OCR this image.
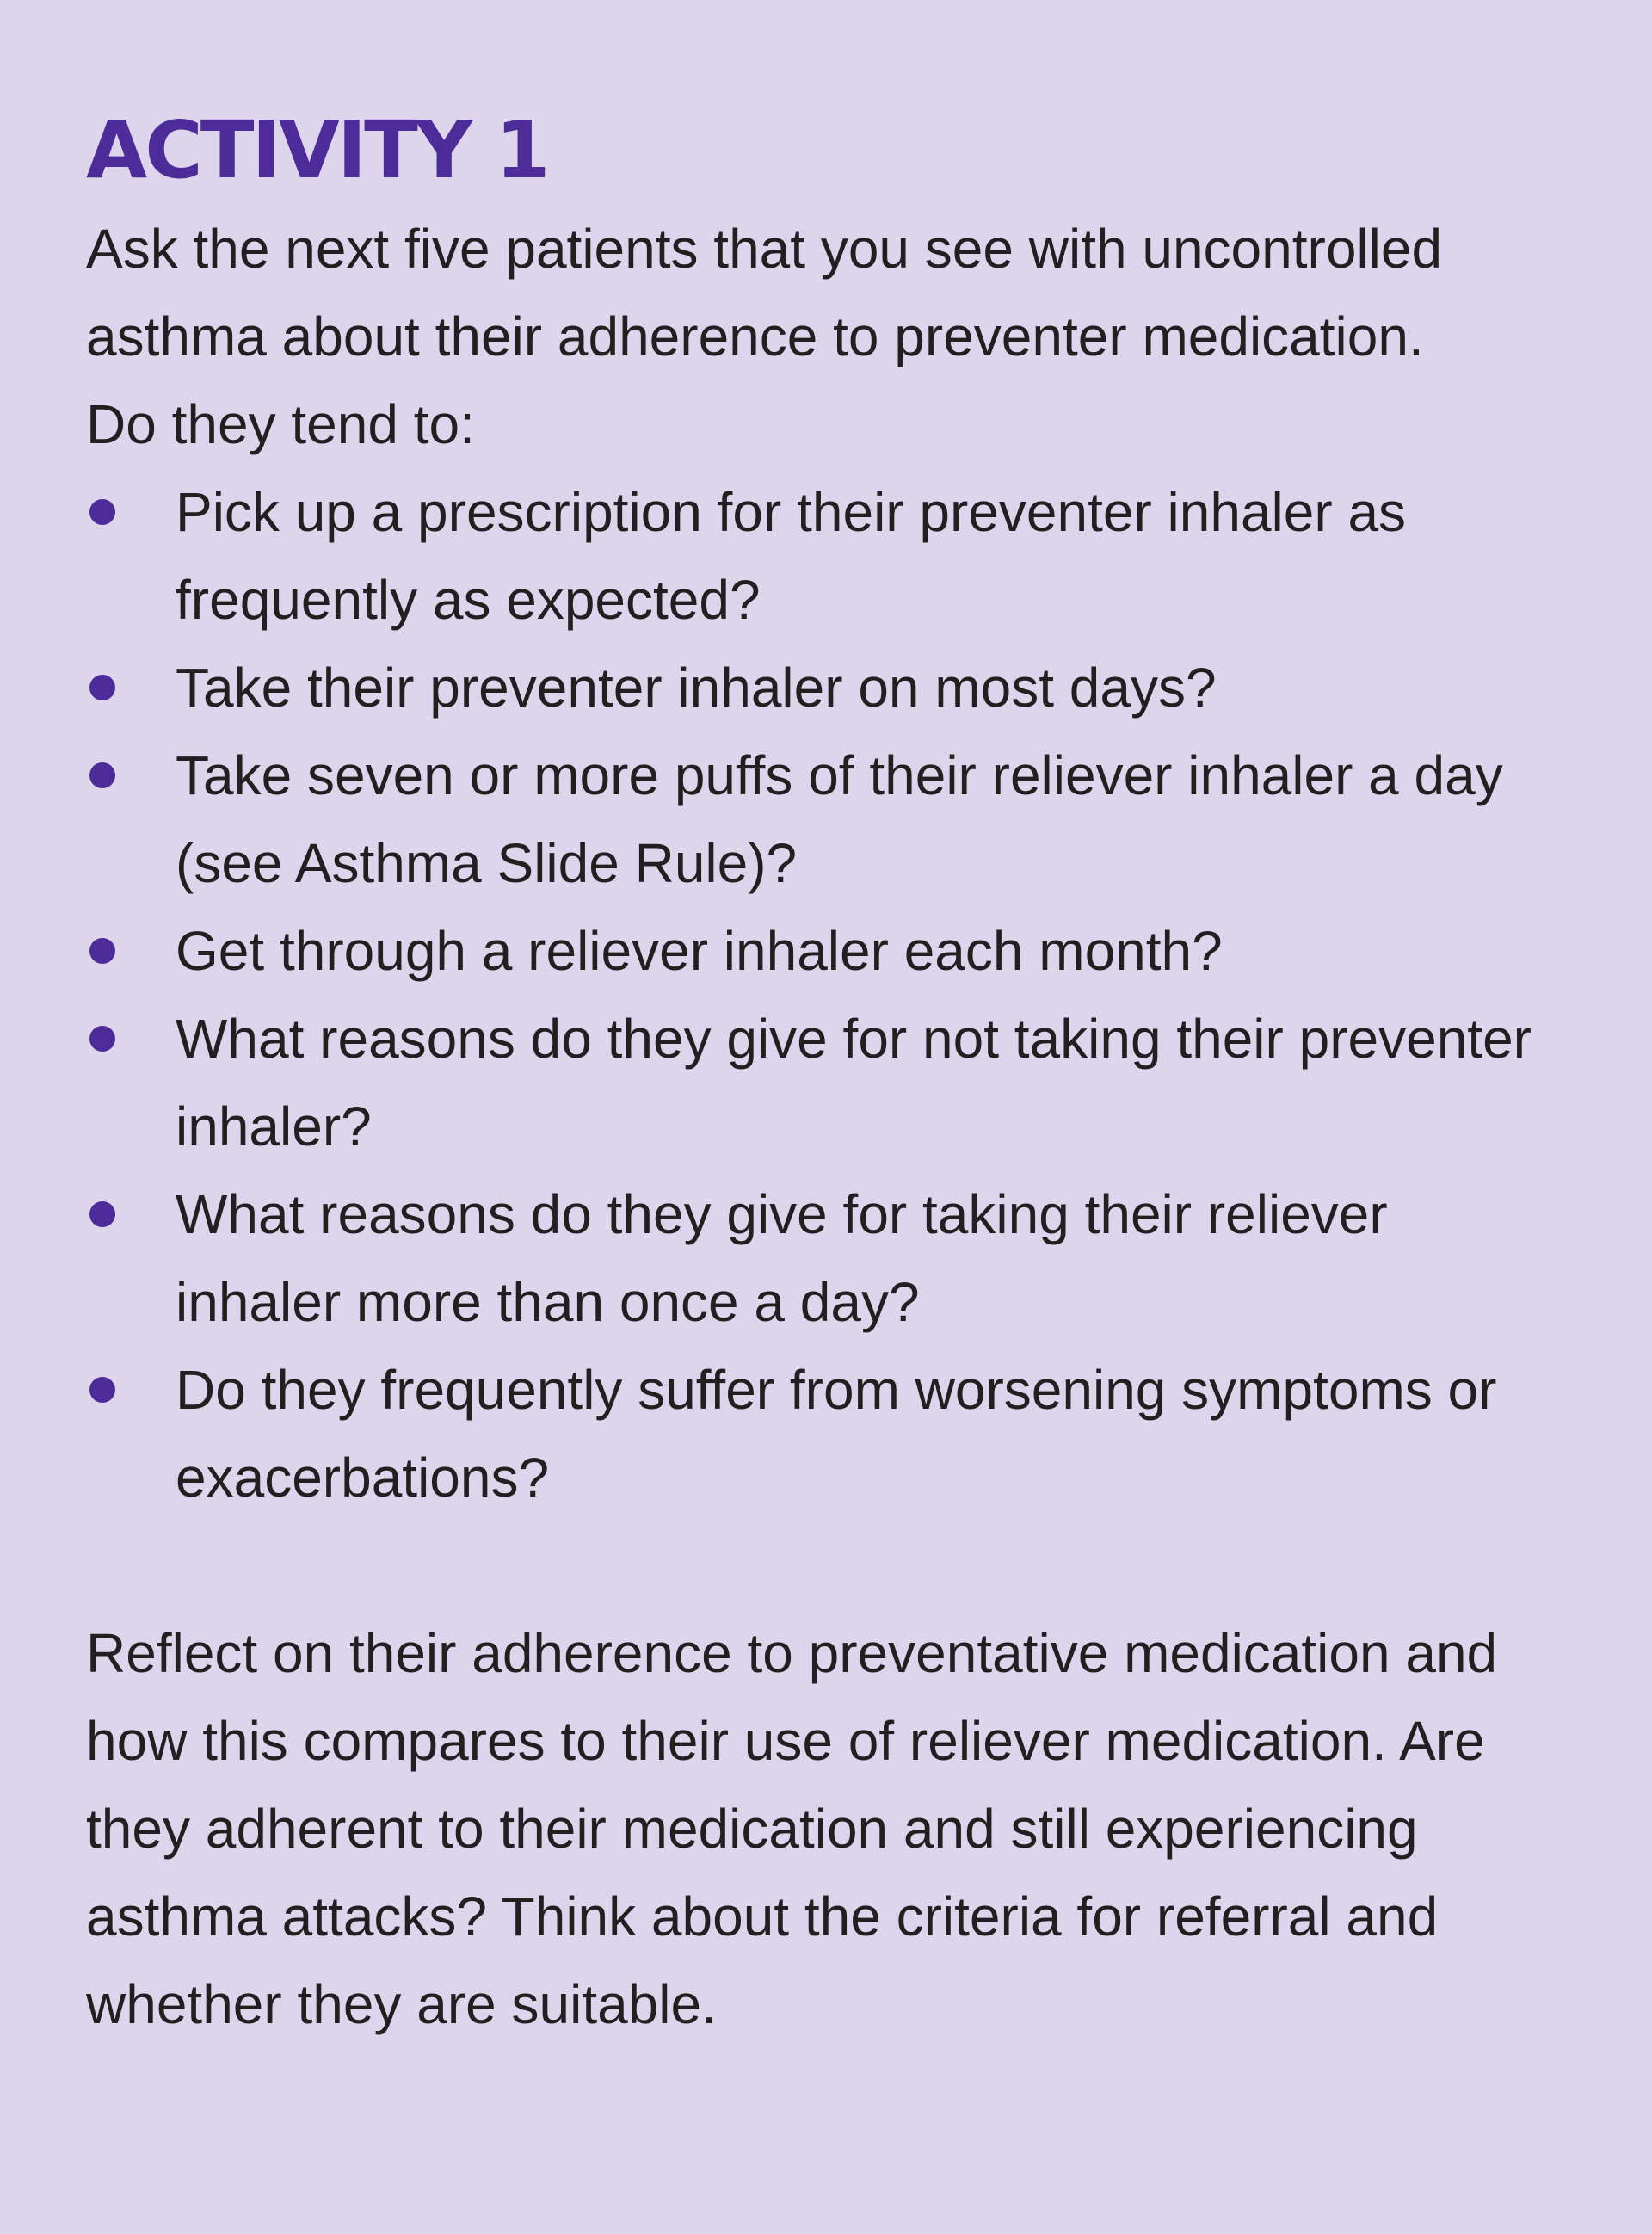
ACTIVITY 1

Ask the next five patients that you see with uncontrolled asthma about their adherence to preventer medication.

Do they tend to:

Pick up a prescription for their preventer inhaler as frequently as expected?
Take their preventer inhaler on most days?
Take seven or more puffs of their reliever inhaler a day (see Asthma Slide Rule)?
Get through a reliever inhaler each month?
What reasons do they give for not taking their preventer inhaler?
What reasons do they give for taking their reliever inhaler more than once a day?
Do they frequently suffer from worsening symptoms or exacerbations?

Reflect on their adherence to preventative medication and how this compares to their use of reliever medication. Are they adherent to their medication and still experiencing asthma attacks? Think about the criteria for referral and whether they are suitable.
